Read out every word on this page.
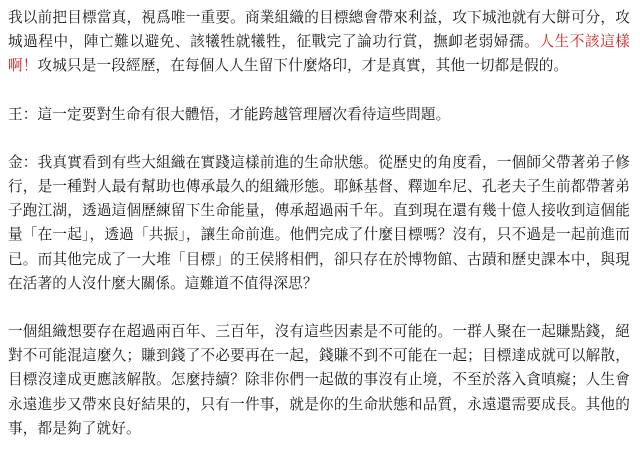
我以前把目標當真，視爲唯一重要。商業組織的目標總會帶來利益，攻下城池就有大餅可分，攻城過程中，陣亡難以避免、該犧牲就犧牲，征戰完了論功行賞，撫卹老弱婦孺。人生不該這樣啊！攻城只是一段經歷，在每個人人生留下什麼烙印，才是真實，其他一切都是假的。

王：這一定要對生命有很大體悟，才能跨越管理層次看待這些問題。

金：我真實看到有些大組織在實踐這樣前進的生命狀態。從歷史的角度看，一個師父帶著弟子修行，是一種對人最有幫助也傳承最久的組織形態。耶穌基督、釋迦牟尼、孔老夫子生前都帶著弟子跑江湖，透過這個歷練留下生命能量，傳承超過兩千年。直到現在還有幾十億人接收到這個能量「在一起」，透過「共振」，讓生命前進。他們完成了什麼目標嗎？沒有，只不過是一起前進而已。而其他完成了一大堆「目標」的王侯將相們，卻只存在於博物館、古蹟和歷史課本中，與現在活著的人沒什麼大關係。這難道不值得深思？

一個組織想要存在超過兩百年、三百年，沒有這些因素是不可能的。一群人聚在一起賺點錢，絕對不可能混這麼久；賺到錢了不必要再在一起，錢賺不到不可能在一起；目標達成就可以解散，目標沒達成更應該解散。怎麼持續？除非你們一起做的事沒有止境，不至於落入貪嗔癡；人生會永遠進步又帶來良好結果的，只有一件事，就是你的生命狀態和品質，永遠還需要成長。其他的事，都是夠了就好。
